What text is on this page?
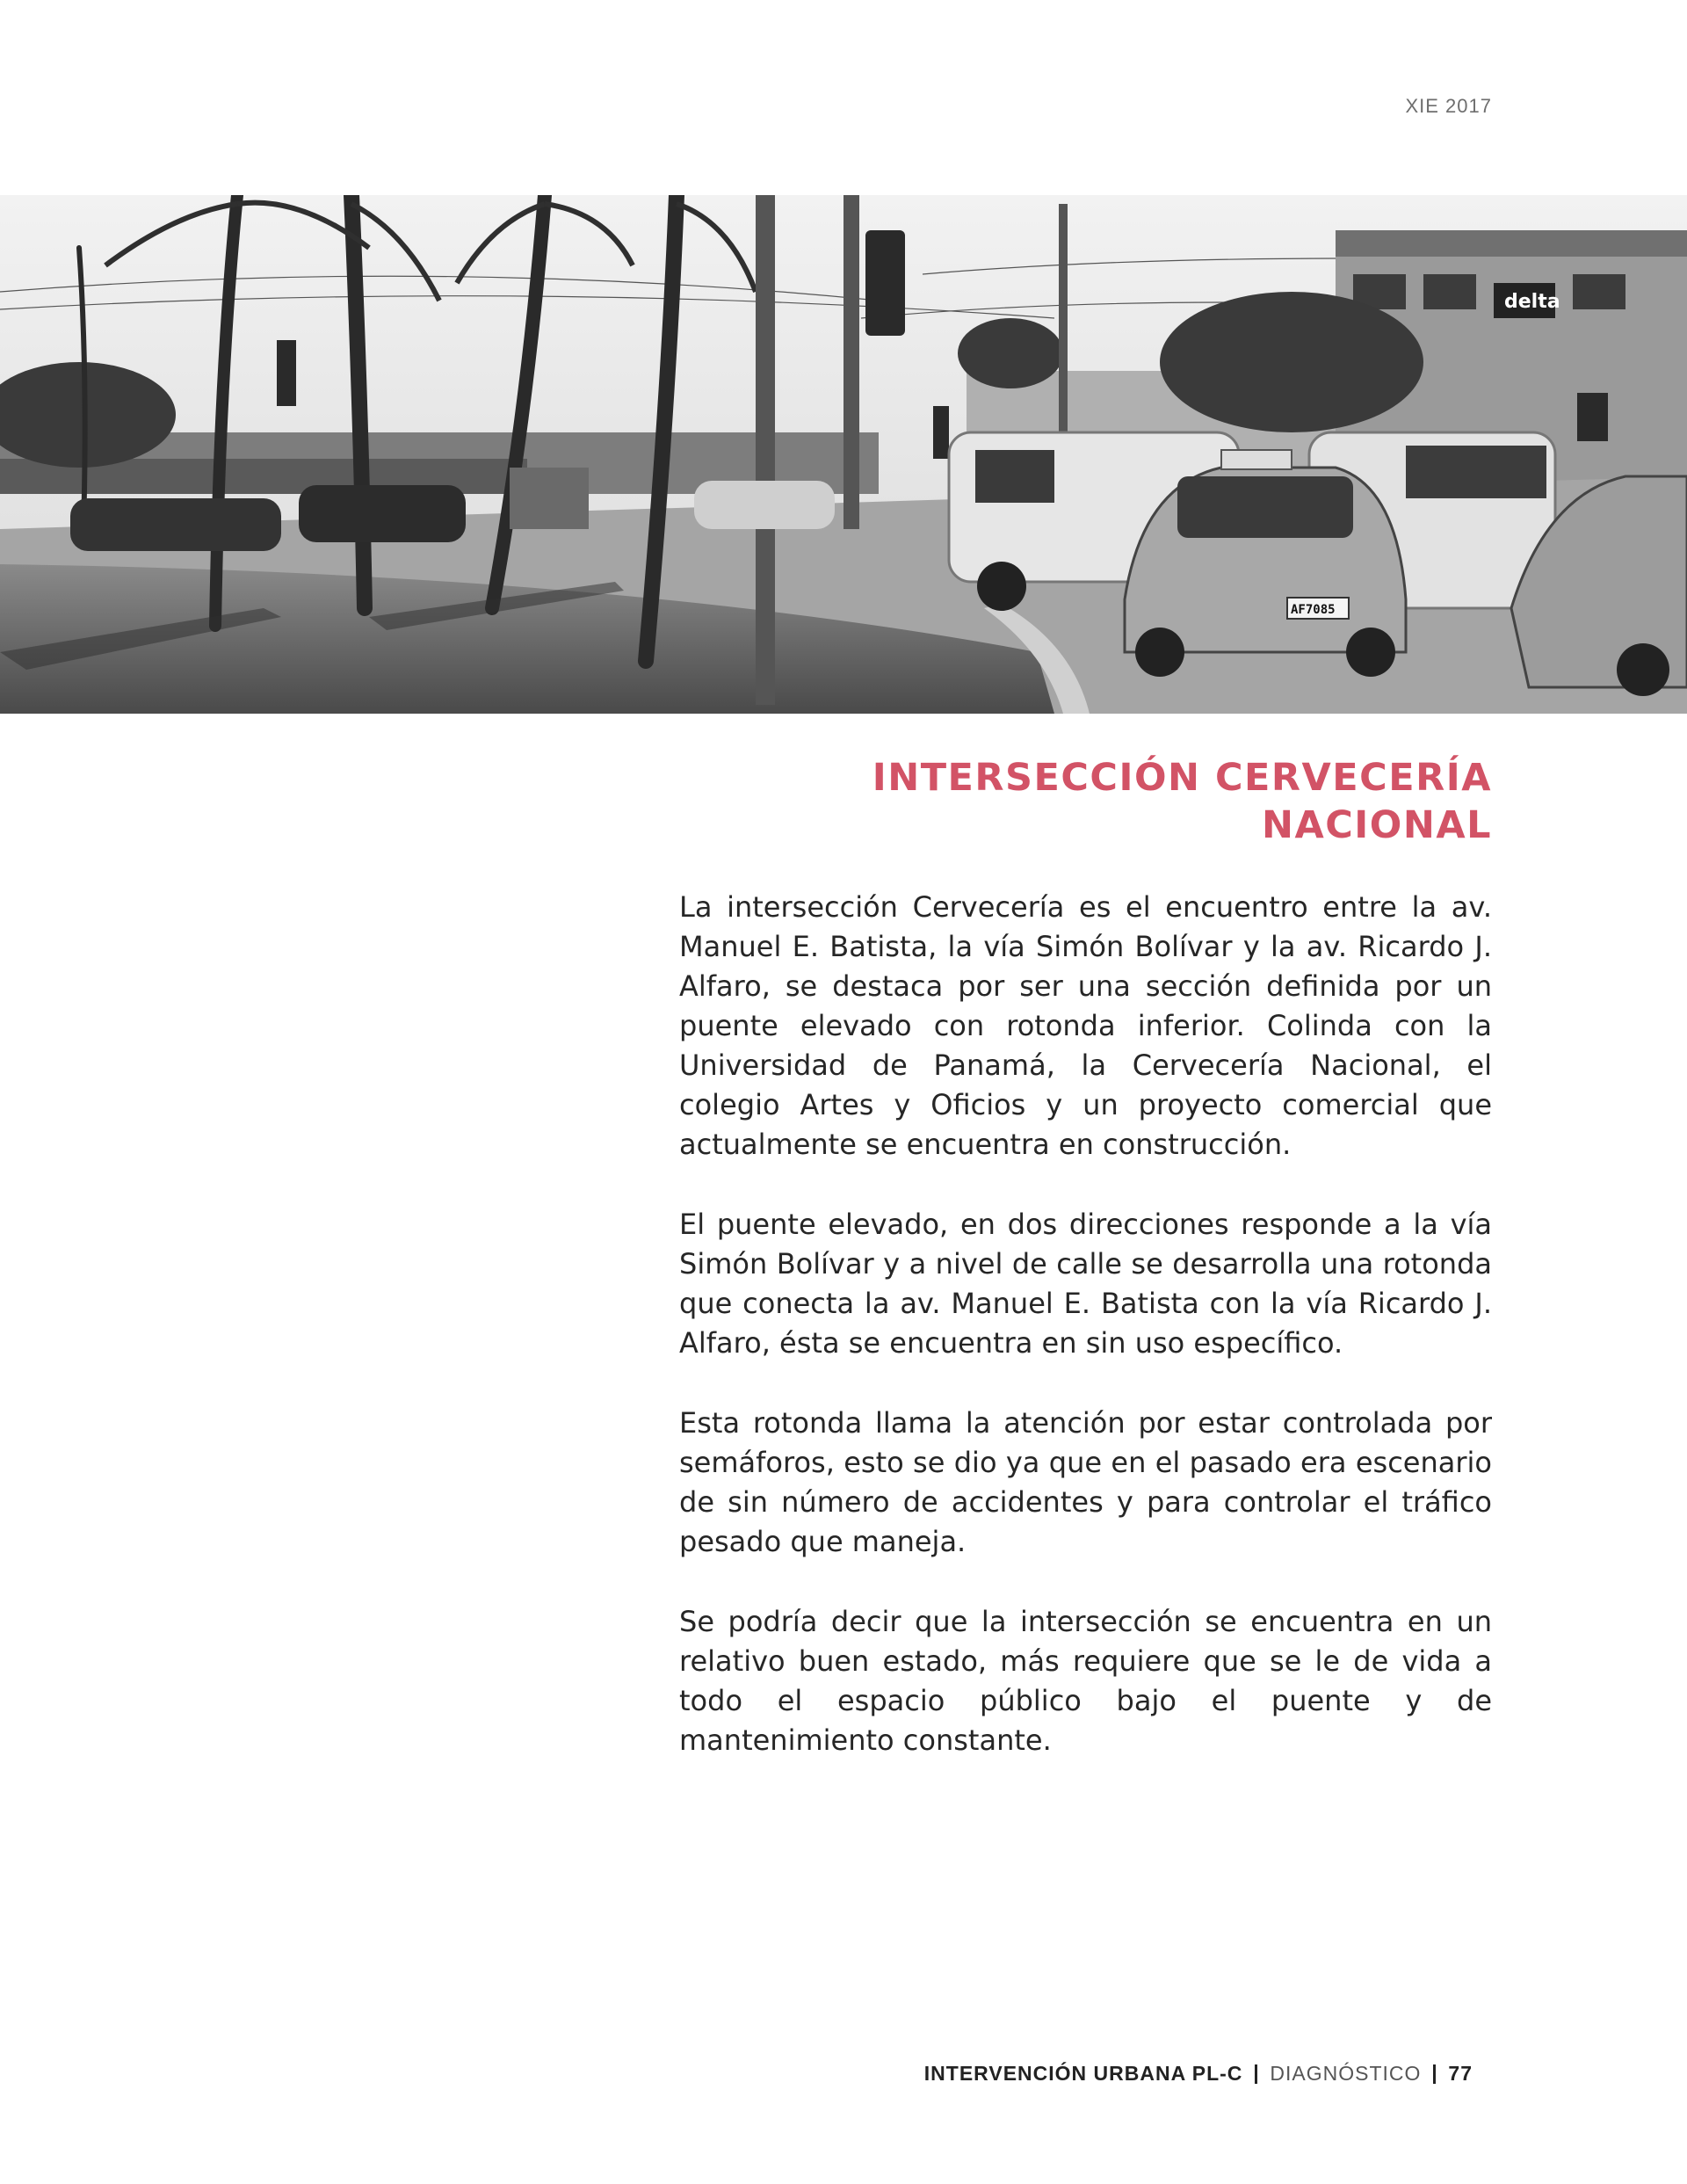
XIE 2017
delta
AF7085
INTERSECCIÓN CERVECERÍA
NACIONAL

La intersección Cervecería es el encuentro entre la av. Manuel E. Batista, la vía Simón Bolívar y la av. Ricardo J. Alfaro, se destaca por ser una sección definida por un puente elevado con rotonda inferior. Colinda con la Universidad de Panamá, la Cervecería Nacional, el colegio Artes y Oficios y un proyecto comercial que actualmente se encuentra en construcción.

El puente elevado, en dos direcciones responde a la vía Simón Bolívar y a nivel de calle se desarrolla una rotonda que conecta la av. Manuel E. Batista con la vía Ricardo J. Alfaro, ésta se encuentra en sin uso específico.

Esta rotonda llama la atención por estar controlada por semáforos, esto se dio ya que en el pasado era escenario de sin número de accidentes y para controlar el tráfico pesado que maneja.

Se podría decir que la intersección se encuentra en un relativo buen estado, más requiere que se le de vida a todo el espacio público bajo el puente y de mantenimiento constante.

INTERVENCIÓN URBANA PL-C DIAGNÓSTICO 77
